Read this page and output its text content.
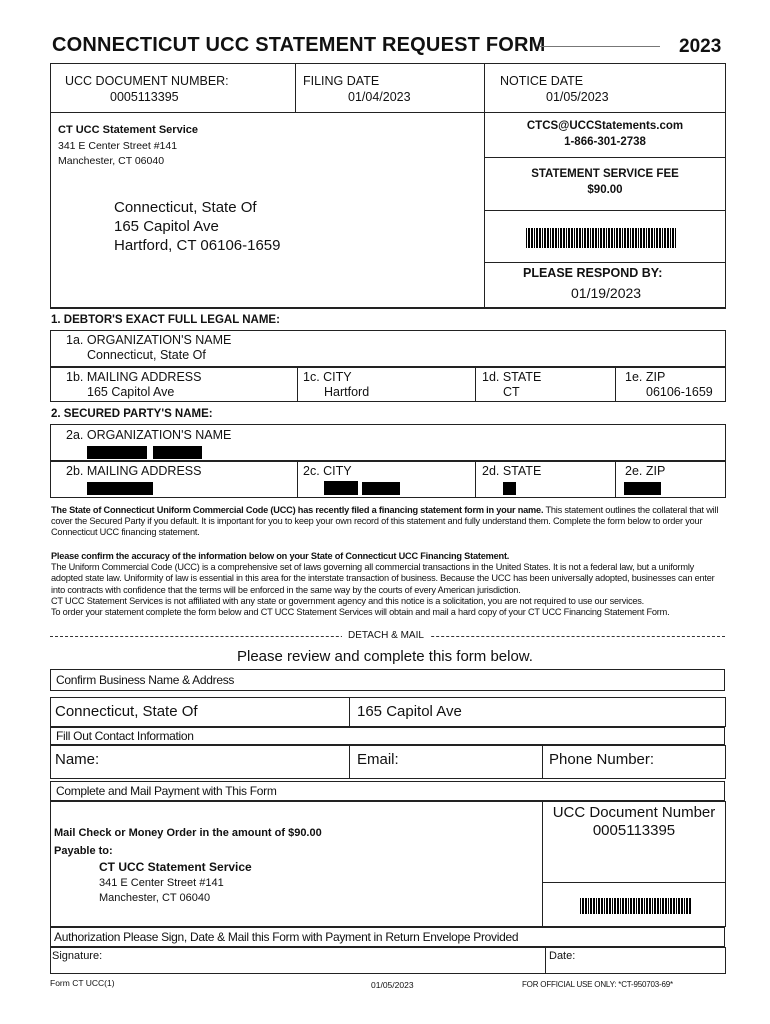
CONNECTICUT UCC STATEMENT REQUEST FORM	2023
UCC DOCUMENT NUMBER:
0005113395
FILING DATE
01/04/2023
NOTICE DATE
01/05/2023
CT UCC Statement Service
341 E Center Street #141
Manchester, CT 06040
Connecticut, State Of
165 Capitol Ave
Hartford, CT 06106-1659
CTCS@UCCStatements.com
1-866-301-2738
STATEMENT SERVICE FEE
$90.00
PLEASE RESPOND BY:
01/19/2023
1. DEBTOR'S EXACT FULL LEGAL NAME:
1a. ORGANIZATION'S NAME
Connecticut, State Of
1b. MAILING ADDRESS
165 Capitol Ave
1c. CITY
Hartford
1d. STATE
CT
1e. ZIP
06106-1659
2. SECURED PARTY'S NAME:
2a. ORGANIZATION'S NAME
2b. MAILING ADDRESS	2c. CITY	2d. STATE	2e. ZIP
The State of Connecticut Uniform Commercial Code (UCC) has recently filed a financing statement form in your name. This statement outlines the collateral that will cover the Secured Party if you default. It is important for you to keep your own record of this statement and fully understand them. Complete the form below to order your Connecticut UCC financing statement.
Please confirm the accuracy of the information below on your State of Connecticut UCC Financing Statement.
The Uniform Commercial Code (UCC) is a comprehensive set of laws governing all commercial transactions in the United States. It is not a federal law, but a uniformly adopted state law. Uniformity of law is essential in this area for the interstate transaction of business. Because the UCC has been universally adopted, businesses can enter into contracts with confidence that the terms will be enforced in the same way by the courts of every American jurisdiction.
CT UCC Statement Services is not affiliated with any state or government agency and this notice is a solicitation, you are not required to use our services.
To order your statement complete the form below and CT UCC Statement Services will obtain and mail a hard copy of your CT UCC Financing Statement Form.
DETACH & MAIL
Please review and complete this form below.
Confirm Business Name & Address
Connecticut, State Of	165 Capitol Ave
Fill Out Contact Information
Name:	Email:	Phone Number:
Complete and Mail Payment with This Form
Mail Check or Money Order in the amount of $90.00
Payable to:
CT UCC Statement Service
341 E Center Street #141
Manchester, CT 06040
UCC Document Number
0005113395
Authorization Please Sign, Date & Mail this Form with Payment in Return Envelope Provided
Signature:	Date:
Form CT UCC(1)	01/05/2023	FOR OFFICIAL USE ONLY: *CT-950703-69*
